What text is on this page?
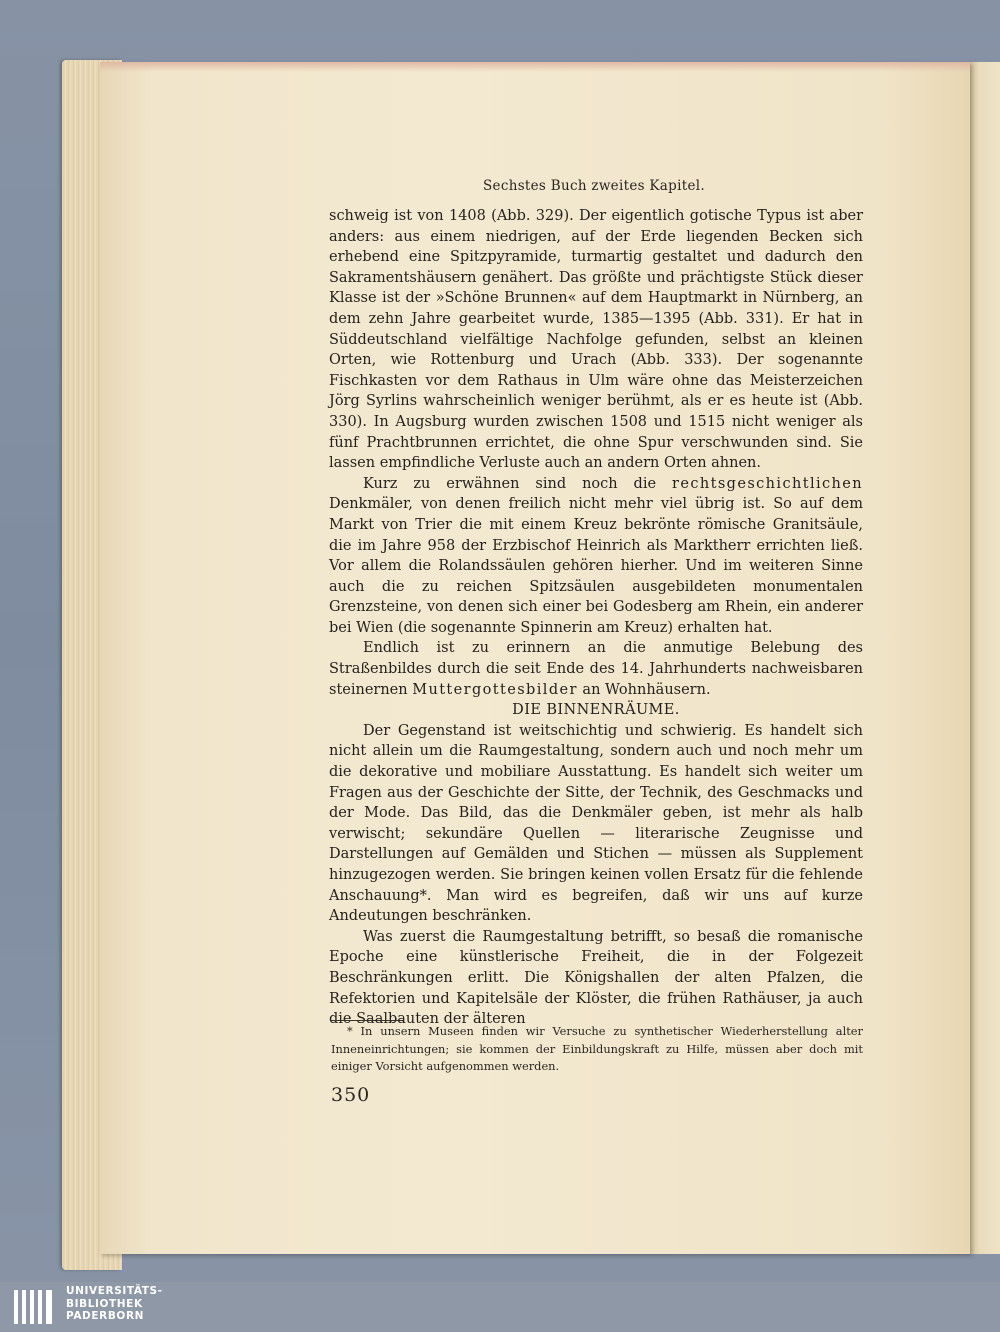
Sechstes Buch zweites Kapitel.

schweig ist von 1408 (Abb. 329). Der eigentlich gotische Typus ist aber anders: aus einem niedrigen, auf der Erde liegenden Becken sich erhebend eine Spitzpyramide, turmartig gestaltet und dadurch den Sakramentshäusern genähert. Das größte und prächtigste Stück dieser Klasse ist der »Schöne Brunnen« auf dem Hauptmarkt in Nürnberg, an dem zehn Jahre gearbeitet wurde, 1385—1395 (Abb. 331). Er hat in Süddeutschland vielfältige Nachfolge gefunden, selbst an kleinen Orten, wie Rottenburg und Urach (Abb. 333). Der sogenannte Fischkasten vor dem Rathaus in Ulm wäre ohne das Meisterzeichen Jörg Syrlins wahrscheinlich weniger berühmt, als er es heute ist (Abb. 330). In Augsburg wurden zwischen 1508 und 1515 nicht weniger als fünf Prachtbrunnen errichtet, die ohne Spur verschwunden sind. Sie lassen empfindliche Verluste auch an andern Orten ahnen.

Kurz zu erwähnen sind noch die rechtsgeschichtlichen Denkmäler, von denen freilich nicht mehr viel übrig ist. So auf dem Markt von Trier die mit einem Kreuz bekrönte römische Granitsäule, die im Jahre 958 der Erzbischof Heinrich als Marktherr errichten ließ. Vor allem die Rolandssäulen gehören hierher. Und im weiteren Sinne auch die zu reichen Spitzsäulen ausgebildeten monumentalen Grenzsteine, von denen sich einer bei Godesberg am Rhein, ein anderer bei Wien (die sogenannte Spinnerin am Kreuz) erhalten hat.

Endlich ist zu erinnern an die anmutige Belebung des Straßenbildes durch die seit Ende des 14. Jahrhunderts nachweisbaren steinernen Muttergottesbilder an Wohnhäusern.

DIE BINNENRÄUME.

Der Gegenstand ist weitschichtig und schwierig. Es handelt sich nicht allein um die Raumgestaltung, sondern auch und noch mehr um die dekorative und mobiliare Ausstattung. Es handelt sich weiter um Fragen aus der Geschichte der Sitte, der Technik, des Geschmacks und der Mode. Das Bild, das die Denkmäler geben, ist mehr als halb verwischt; sekundäre Quellen — literarische Zeugnisse und Darstellungen auf Gemälden und Stichen — müssen als Supplement hinzugezogen werden. Sie bringen keinen vollen Ersatz für die fehlende Anschauung*. Man wird es begreifen, daß wir uns auf kurze Andeutungen beschränken.

Was zuerst die Raumgestaltung betrifft, so besaß die romanische Epoche eine künstlerische Freiheit, die in der Folgezeit Beschränkungen erlitt. Die Königshallen der alten Pfalzen, die Refektorien und Kapitelsäle der Klöster, die frühen Rathäuser, ja auch die Saalbauten der älteren

* In unsern Museen finden wir Versuche zu synthetischer Wiederherstellung alter Inneneinrichtungen; sie kommen der Einbildungskraft zu Hilfe, müssen aber doch mit einiger Vorsicht aufgenommen werden.

350
UNIVERSITÄTS-
BIBLIOTHEK
PADERBORN
